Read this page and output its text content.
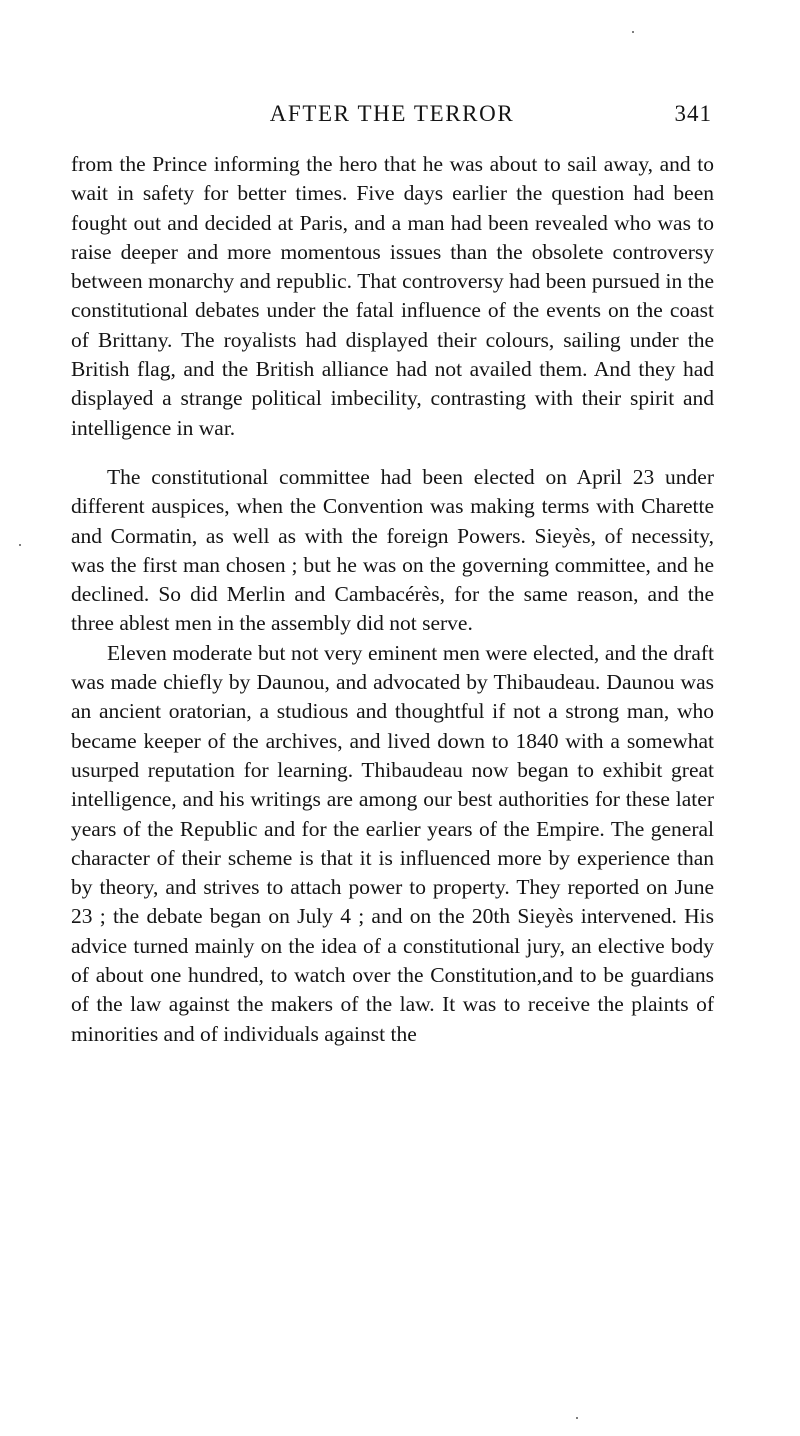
AFTER THE TERROR	341

from the Prince informing the hero that he was about to sail away, and to wait in safety for better times. Five days earlier the question had been fought out and decided at Paris, and a man had been revealed who was to raise deeper and more momentous issues than the obsolete controversy between monarchy and republic. That controversy had been pursued in the constitutional debates under the fatal influence of the events on the coast of Brittany. The royalists had displayed their colours, sailing under the British flag, and the British alliance had not availed them. And they had displayed a strange political imbecility, contrasting with their spirit and intelligence in war.

The constitutional committee had been elected on April 23 under different auspices, when the Convention was making terms with Charette and Cormatin, as well as with the foreign Powers. Sieyès, of necessity, was the first man chosen ; but he was on the governing committee, and he declined. So did Merlin and Cambacérès, for the same reason, and the three ablest men in the assembly did not serve.

Eleven moderate but not very eminent men were elected, and the draft was made chiefly by Daunou, and advocated by Thibaudeau. Daunou was an ancient oratorian, a studious and thoughtful if not a strong man, who became keeper of the archives, and lived down to 1840 with a somewhat usurped reputation for learning. Thibaudeau now began to exhibit great intelligence, and his writings are among our best authorities for these later years of the Republic and for the earlier years of the Empire. The general character of their scheme is that it is influenced more by experience than by theory, and strives to attach power to property. They reported on June 23 ; the debate began on July 4 ; and on the 20th Sieyès intervened. His advice turned mainly on the idea of a constitutional jury, an elective body of about one hundred, to watch over the Constitution,and to be guardians of the law against the makers of the law. It was to receive the plaints of minorities and of individuals against the
